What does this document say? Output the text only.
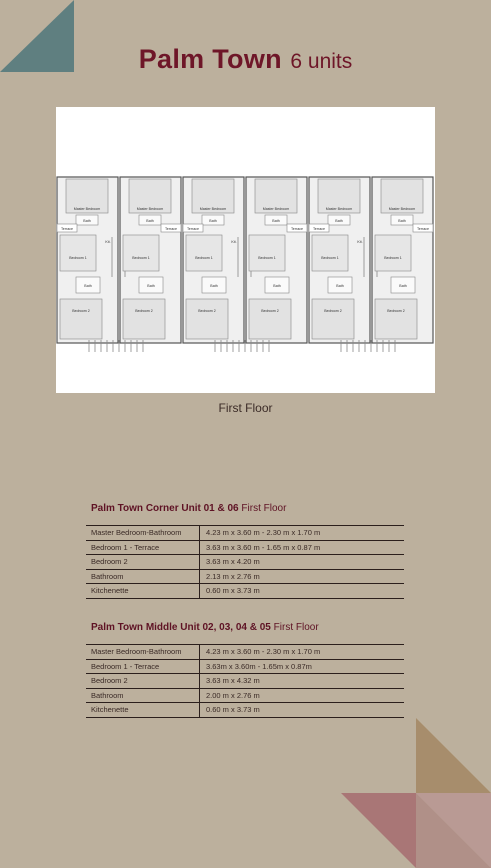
Palm Town 6 units
Master Bedroom
Bath
Terrace
Kit.
Bedroom 1
Bath
Bedroom 2
Master Bedroom
Bath
Terrace
Bedroom 1
Bath
Bedroom 2
Master Bedroom
Bath
Terrace
Kit.
Bedroom 1
Bath
Bedroom 2
Master Bedroom
Bath
Terrace
Bedroom 1
Bath
Bedroom 2
Master Bedroom
Bath
Terrace
Kit.
Bedroom 1
Bath
Bedroom 2
Master Bedroom
Bath
Terrace
Bedroom 1
Bath
Bedroom 2
First Floor
Palm Town Corner Unit 01 & 06 First Floor
Master Bedroom-Bathroom	4.23 m x 3.60 m - 2.30 m x 1.70 m
Bedroom 1 - Terrace	3.63 m x 3.60 m - 1.65 m x 0.87 m
Bedroom 2	3.63 m x 4.20 m
Bathroom	2.13 m x 2.76 m
Kitchenette	0.60 m x 3.73 m
Palm Town Middle Unit 02, 03, 04 & 05 First Floor
Master Bedroom-Bathroom	4.23 m x 3.60 m - 2.30 m x 1.70 m
Bedroom 1 - Terrace	3.63m x 3.60m - 1.65m x 0.87m
Bedroom 2	3.63 m x 4.32 m
Bathroom	2.00 m x 2.76 m
Kitchenette	0.60 m x 3.73 m
